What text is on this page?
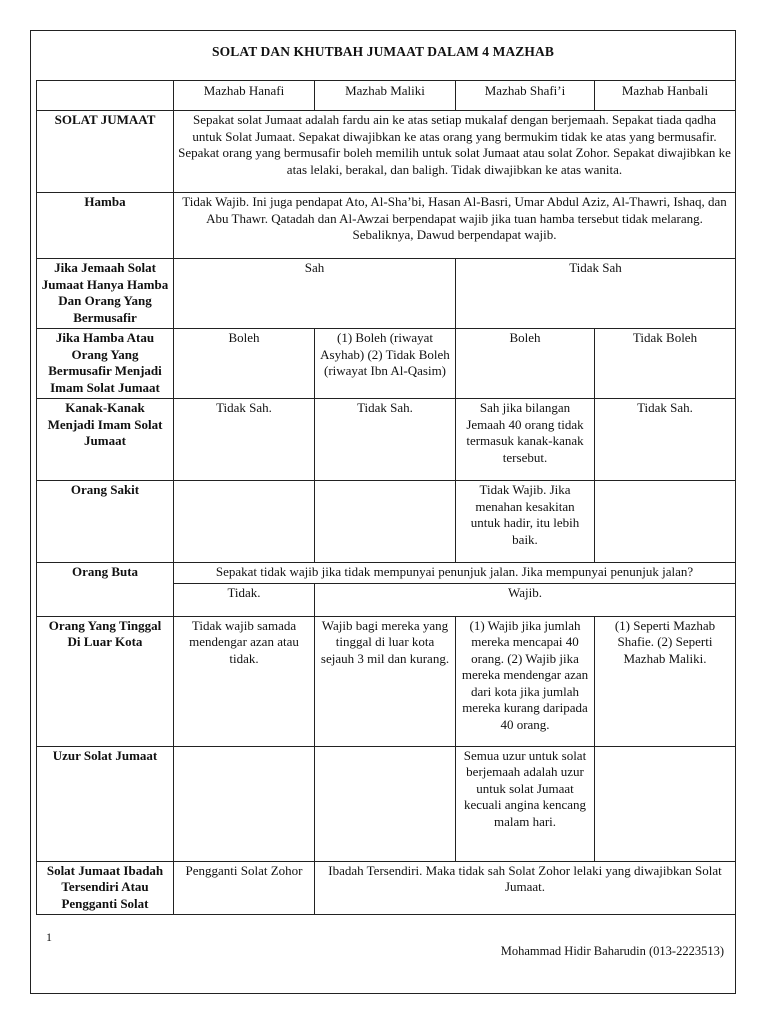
SOLAT DAN KHUTBAH JUMAAT DALAM 4 MAZHAB
	Mazhab Hanafi	Mazhab Maliki	Mazhab Shafi’i	Mazhab Hanbali
SOLAT JUMAAT	Sepakat solat Jumaat adalah fardu ain ke atas setiap mukalaf dengan berjemaah. Sepakat tiada qadha untuk Solat Jumaat. Sepakat diwajibkan ke atas orang yang bermukim tidak ke atas yang bermusafir. Sepakat orang yang bermusafir boleh memilih untuk solat Jumaat atau solat Zohor. Sepakat diwajibkan ke atas lelaki, berakal, dan baligh. Tidak diwajibkan ke atas wanita.			
Hamba	Tidak Wajib. Ini juga pendapat Ato, Al-Sha’bi, Hasan Al-Basri, Umar Abdul Aziz, Al-Thawri, Ishaq, dan Abu Thawr. Qatadah dan Al-Awzai berpendapat wajib jika tuan hamba tersebut tidak melarang. Sebaliknya, Dawud berpendapat wajib.			
Jika Jemaah Solat Jumaat Hanya Hamba Dan Orang Yang Bermusafir	Sah		Tidak Sah	
Jika Hamba Atau Orang Yang Bermusafir Menjadi Imam Solat Jumaat	Boleh	(1) Boleh (riwayat Asyhab) (2) Tidak Boleh (riwayat Ibn Al-Qasim)	Boleh	Tidak Boleh
Kanak-Kanak Menjadi Imam Solat Jumaat	Tidak Sah.	Tidak Sah.	Sah jika bilangan Jemaah 40 orang tidak termasuk kanak-kanak tersebut.	Tidak Sah.
Orang Sakit			Tidak Wajib. Jika menahan kesakitan untuk hadir, itu lebih baik.	
Orang Buta	Sepakat tidak wajib jika tidak mempunyai penunjuk jalan. Jika mempunyai penunjuk jalan?			
	Tidak.	Wajib.		
Orang Yang Tinggal Di Luar Kota	Tidak wajib samada mendengar azan atau tidak.	Wajib bagi mereka yang tinggal di luar kota sejauh 3 mil dan kurang.	(1) Wajib jika jumlah mereka mencapai 40 orang. (2) Wajib jika mereka mendengar azan dari kota jika jumlah mereka kurang daripada 40 orang.	(1) Seperti Mazhab Shafie. (2) Seperti Mazhab Maliki.
Uzur Solat Jumaat			Semua uzur untuk solat berjemaah adalah uzur untuk solat Jumaat kecuali angina kencang malam hari.	
Solat Jumaat Ibadah Tersendiri Atau Pengganti Solat	Pengganti Solat Zohor	Ibadah Tersendiri. Maka tidak sah Solat Zohor lelaki yang diwajibkan Solat Jumaat.		
1
Mohammad Hidir Baharudin (013-2223513)
